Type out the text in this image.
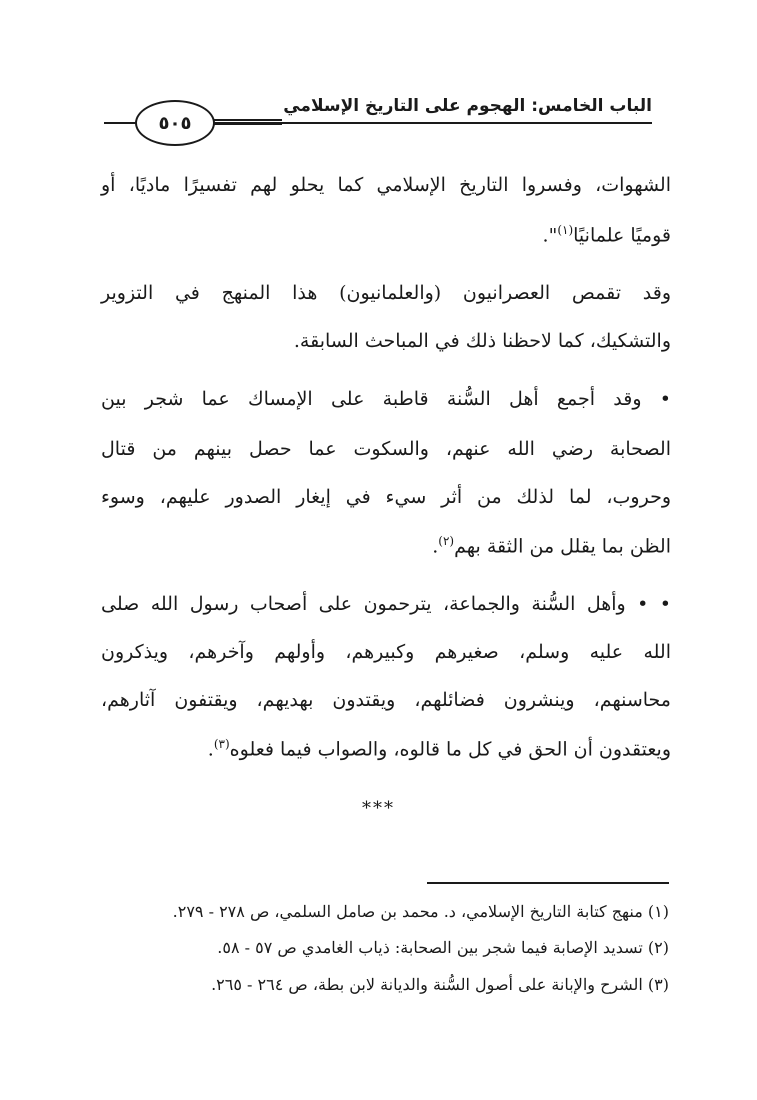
الباب الخامس: الهجوم على التاريخ الإسلامي
٥٠٥
الشهوات، وفسروا التاريخ الإسلامي كما يحلو لهم تفسيرًا ماديًا، أو
قوميًا علمانيًا$^{(١)}$".
وقد تقمص العصرانيون (والعلمانيون) هذا المنهج في التزوير
والتشكيك، كما لاحظنا ذلك في المباحث السابقة.
• وقد أجمع أهل السُّنة قاطبة على الإمساك عما شجر بين
الصحابة رضي الله عنهم، والسكوت عما حصل بينهم من قتال
وحروب، لما لذلك من أثر سيء في إيغار الصدور عليهم، وسوء
الظن بما يقلل من الثقة بهم$^{(٢)}$.
• • وأهل السُّنة والجماعة، يترحمون على أصحاب رسول الله صلى
الله عليه وسلم، صغيرهم وكبيرهم، وأولهم وآخرهم، ويذكرون
محاسنهم، وينشرون فضائلهم، ويقتدون بهديهم، ويقتفون آثارهم،
ويعتقدون أن الحق في كل ما قالوه، والصواب فيما فعلوه$^{(٣)}$.
***
(١) منهج كتابة التاريخ الإسلامي، د. محمد بن صامل السلمي، ص ٢٧٨ - ٢٧٩.
(٢) تسديد الإصابة فيما شجر بين الصحابة: ذياب الغامدي ص ٥٧ - ٥٨.
(٣) الشرح والإبانة على أصول السُّنة والديانة لابن بطة، ص ٢٦٤ - ٢٦٥.
